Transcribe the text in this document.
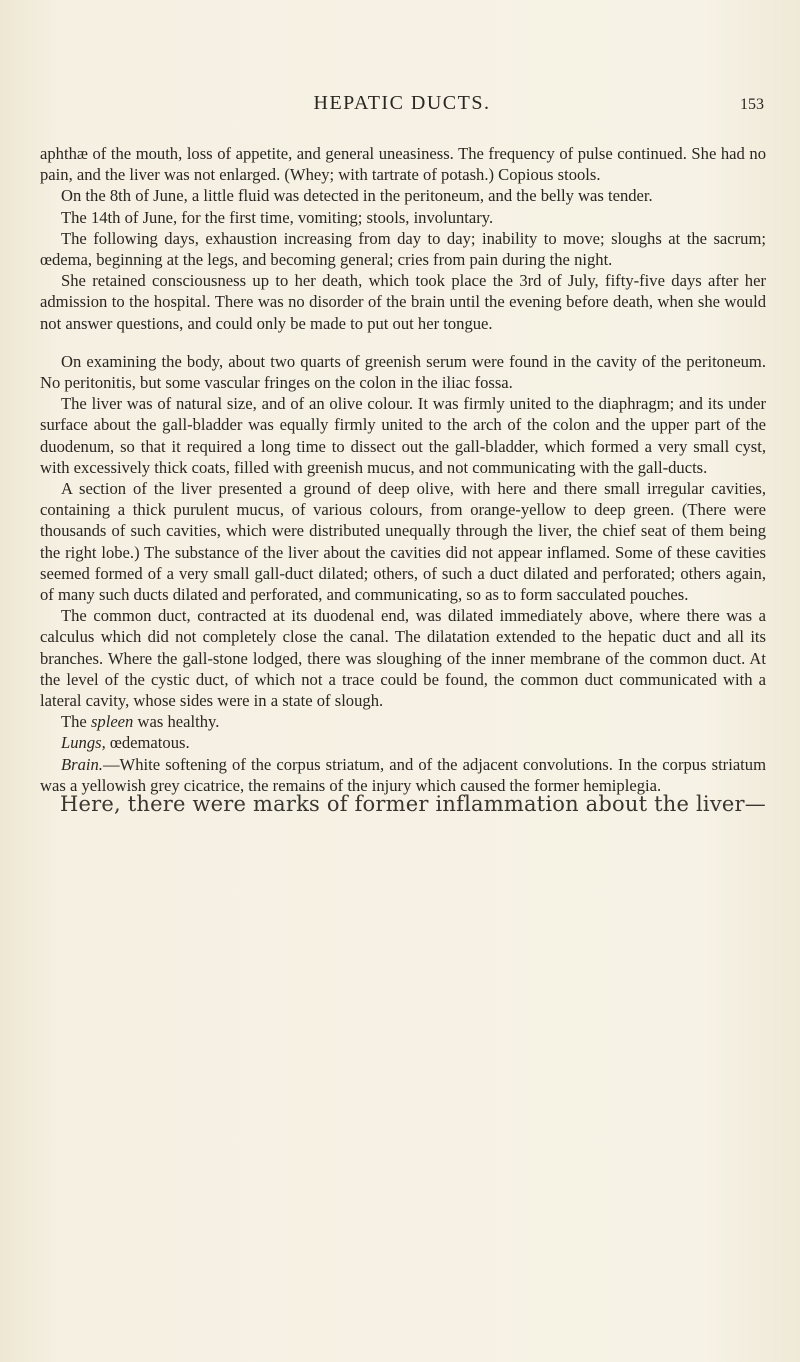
HEPATIC DUCTS.	153

aphthæ of the mouth, loss of appetite, and general uneasiness. The frequency of pulse continued. She had no pain, and the liver was not enlarged. (Whey; with tartrate of potash.) Copious stools.

On the 8th of June, a little fluid was detected in the peritoneum, and the belly was tender.

The 14th of June, for the first time, vomiting; stools, involuntary.

The following days, exhaustion increasing from day to day; inability to move; sloughs at the sacrum; œdema, beginning at the legs, and becoming general; cries from pain during the night.

She retained consciousness up to her death, which took place the 3rd of July, fifty-five days after her admission to the hospital. There was no disorder of the brain until the evening before death, when she would not answer questions, and could only be made to put out her tongue.

On examining the body, about two quarts of greenish serum were found in the cavity of the peritoneum. No peritonitis, but some vascular fringes on the colon in the iliac fossa.

The liver was of natural size, and of an olive colour. It was firmly united to the diaphragm; and its under surface about the gall-bladder was equally firmly united to the arch of the colon and the upper part of the duodenum, so that it required a long time to dissect out the gall-bladder, which formed a very small cyst, with excessively thick coats, filled with greenish mucus, and not communicating with the gall-ducts.

A section of the liver presented a ground of deep olive, with here and there small irregular cavities, containing a thick purulent mucus, of various colours, from orange-yellow to deep green. (There were thousands of such cavities, which were distributed unequally through the liver, the chief seat of them being the right lobe.) The substance of the liver about the cavities did not appear inflamed. Some of these cavities seemed formed of a very small gall-duct dilated; others, of such a duct dilated and perforated; others again, of many such ducts dilated and perforated, and communicating, so as to form sacculated pouches.

The common duct, contracted at its duodenal end, was dilated immediately above, where there was a calculus which did not completely close the canal. The dilatation extended to the hepatic duct and all its branches. Where the gall-stone lodged, there was sloughing of the inner membrane of the common duct. At the level of the cystic duct, of which not a trace could be found, the common duct communicated with a lateral cavity, whose sides were in a state of slough.

The spleen was healthy.

Lungs, œdematous.

Brain.—White softening of the corpus striatum, and of the adjacent convolutions. In the corpus striatum was a yellowish grey cicatrice, the remains of the injury which caused the former hemiplegia.

Here, there were marks of former inflammation about the liver—
